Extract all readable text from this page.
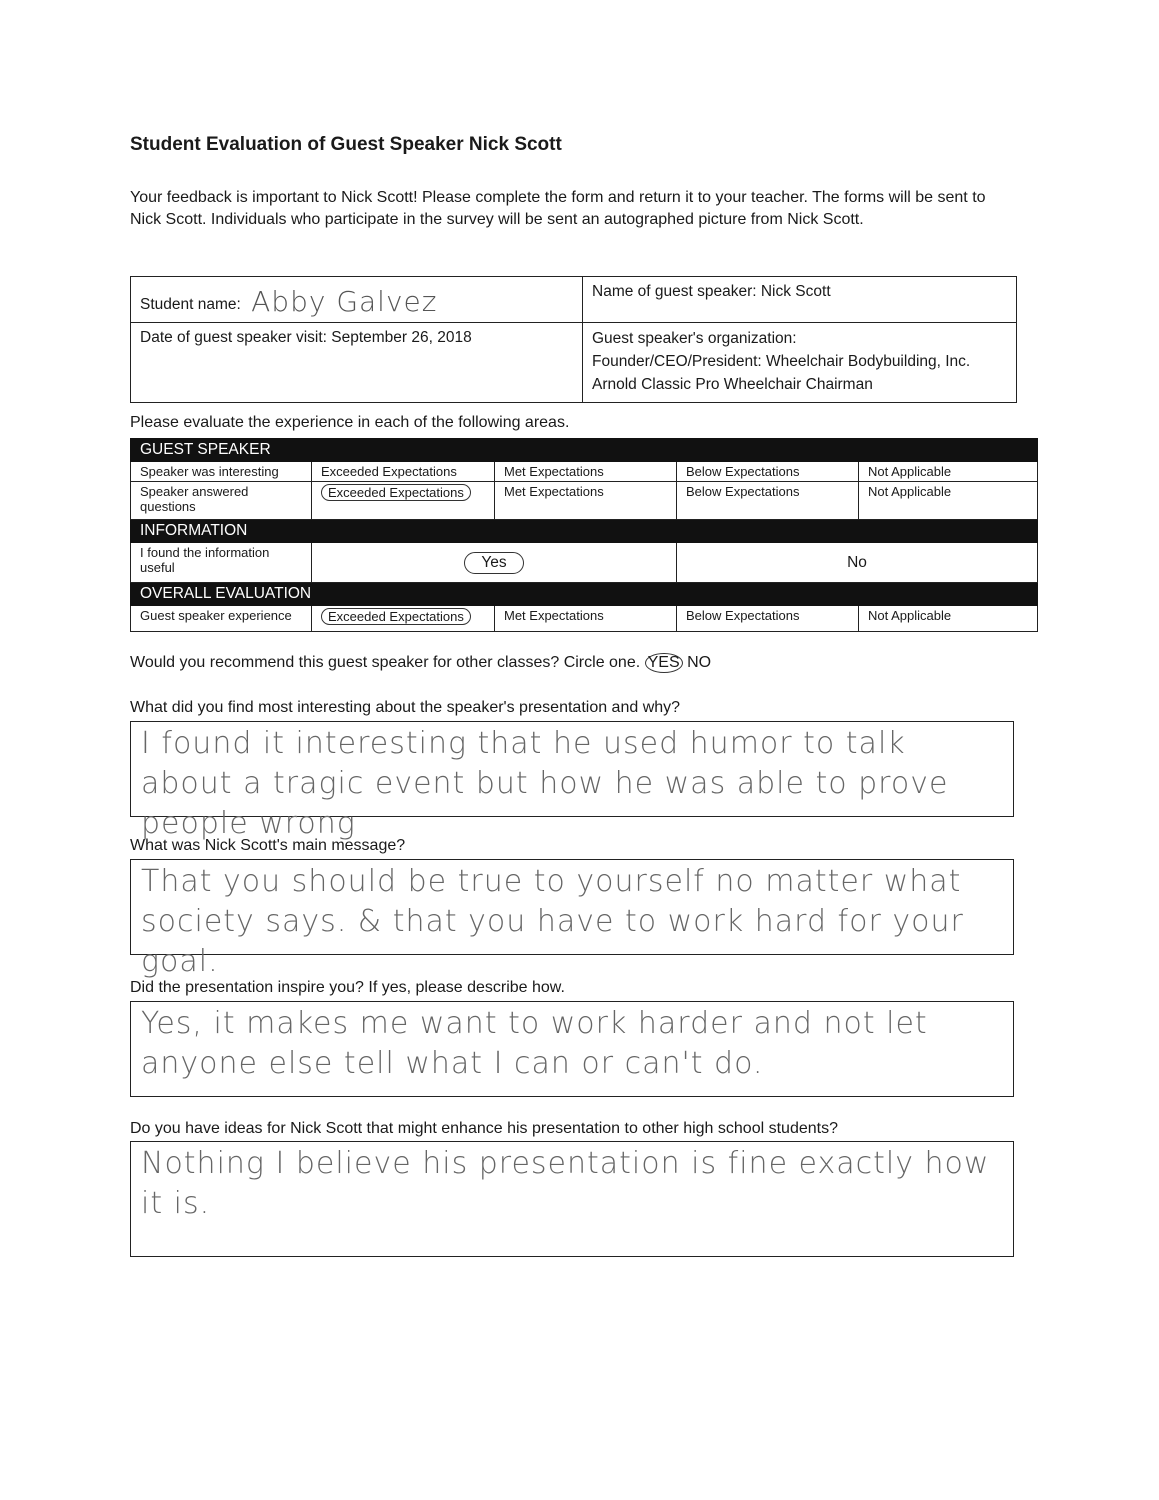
Student Evaluation of Guest Speaker Nick Scott
Your feedback is important to Nick Scott! Please complete the form and return it to your teacher. The forms will be sent to Nick Scott. Individuals who participate in the survey will be sent an autographed picture from Nick Scott.
Student name: Abby Galvez	Name of guest speaker: Nick Scott
Date of guest speaker visit: September 26, 2018	Guest speaker's organization:
Founder/CEO/President: Wheelchair Bodybuilding, Inc.
Arnold Classic Pro Wheelchair Chairman
Please evaluate the experience in each of the following areas.
GUEST SPEAKER				
Speaker was interesting	Exceeded Expectations	Met Expectations	Below Expectations	Not Applicable
Speaker answered questions	Exceeded Expectations	Met Expectations	Below Expectations	Not Applicable
INFORMATION				
I found the information useful	Yes		No	
OVERALL EVALUATION				
Guest speaker experience	Exceeded Expectations	Met Expectations	Below Expectations	Not Applicable
Would you recommend this guest speaker for other classes? Circle one. YES NO
What did you find most interesting about the speaker's presentation and why?
I found it interesting that he used humor to talk about a tragic event but how he was able to prove people wrong
What was Nick Scott's main message?
That you should be true to yourself no matter what society says. & that you have to work hard for your goal.
Did the presentation inspire you? If yes, please describe how.
Yes, it makes me want to work harder and not let anyone else tell what I can or can't do.
Do you have ideas for Nick Scott that might enhance his presentation to other high school students?
Nothing I believe his presentation is fine exactly how it is.
